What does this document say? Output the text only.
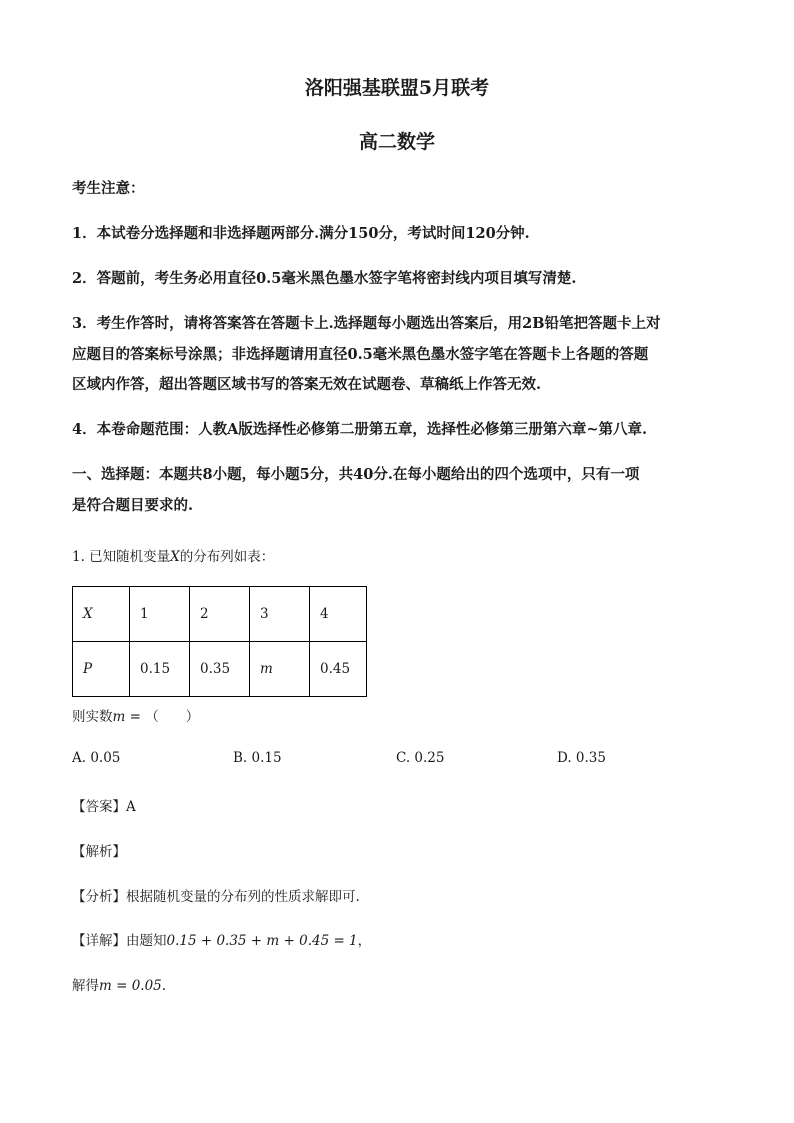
洛阳强基联盟5月联考
高二数学
考生注意：
1．本试卷分选择题和非选择题两部分.满分150分，考试时间120分钟.
2．答题前，考生务必用直径0.5毫米黑色墨水签字笔将密封线内项目填写清楚.
3．考生作答时，请将答案答在答题卡上.选择题每小题选出答案后，用2B铅笔把答题卡上对
应题目的答案标号涂黑；非选择题请用直径0.5毫米黑色墨水签字笔在答题卡上各题的答题
区域内作答，超出答题区域书写的答案无效在试题卷、草稿纸上作答无效.
4．本卷命题范围：人教A版选择性必修第二册第五章，选择性必修第三册第六章~第八章.
一、选择题：本题共8小题，每小题5分，共40分.在每小题给出的四个选项中，只有一项
是符合题目要求的.
1. 已知随机变量X的分布列如表：
X	1	2	3	4
P	0.15	0.35	m	0.45
则实数m = （　　）
A. 0.05	B. 0.15	C. 0.25	D. 0.35
【答案】A
【解析】
【分析】根据随机变量的分布列的性质求解即可.
【详解】由题知0.15 + 0.35 + m + 0.45 = 1，
解得m = 0.05.
